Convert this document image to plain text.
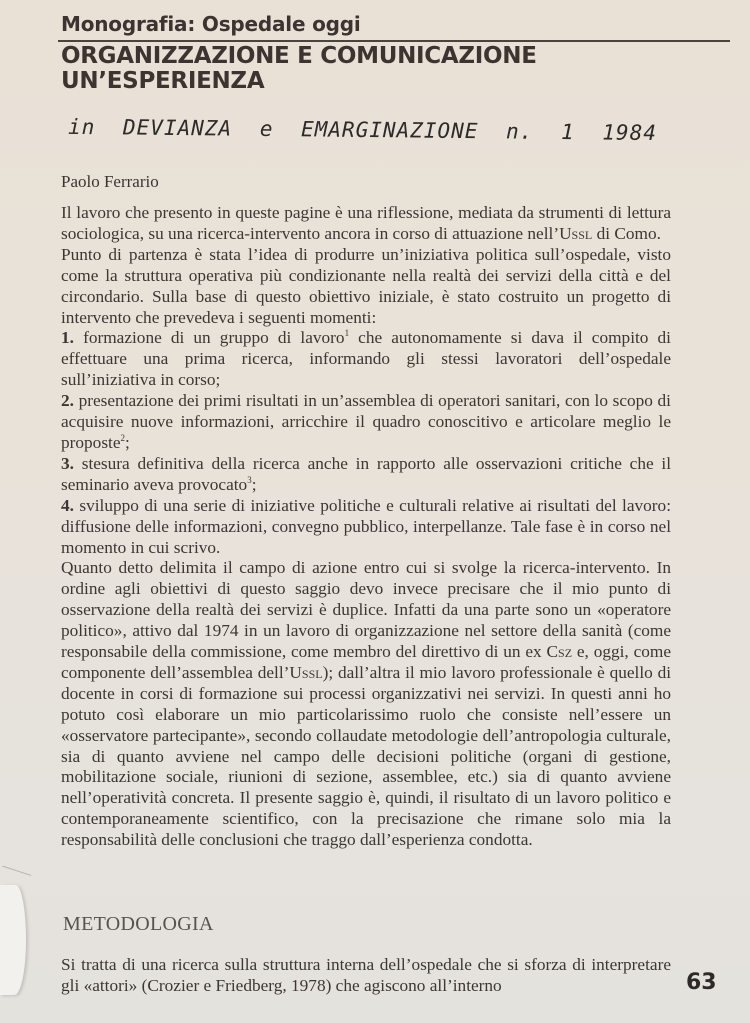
Monografia: Ospedale oggi
ORGANIZZAZIONE E COMUNICAZIONE
UN’ESPERIENZA
in DEVIANZA e EMARGINAZIONE n. 1 1984
Paolo Ferrario

Il lavoro che presento in queste pagine è una riflessione, mediata da strumenti di lettura sociologica, su una ricerca-intervento ancora in corso di attuazione nell’Ussl di Como.

Punto di partenza è stata l’idea di produrre un’iniziativa politica sull’ospedale, visto come la struttura operativa più condizionante nella realtà dei servizi della città e del circondario. Sulla base di questo obiettivo iniziale, è stato costruito un progetto di intervento che prevedeva i seguenti momenti:

1. formazione di un gruppo di lavoro$^1$ che autonomamente si dava il compito di effettuare una prima ricerca, informando gli stessi lavoratori dell’ospedale sull’iniziativa in corso;

2. presentazione dei primi risultati in un’assemblea di operatori sanitari, con lo scopo di acquisire nuove informazioni, arricchire il quadro conoscitivo e articolare meglio le proposte$^2$;

3. stesura definitiva della ricerca anche in rapporto alle osservazioni critiche che il seminario aveva provocato$^3$;

4. sviluppo di una serie di iniziative politiche e culturali relative ai risultati del lavoro: diffusione delle informazioni, convegno pubblico, interpellanze. Tale fase è in corso nel momento in cui scrivo.

Quanto detto delimita il campo di azione entro cui si svolge la ricerca-intervento. In ordine agli obiettivi di questo saggio devo invece precisare che il mio punto di osservazione della realtà dei servizi è duplice. Infatti da una parte sono un «operatore politico», attivo dal 1974 in un lavoro di organizzazione nel settore della sanità (come responsabile della commissione, come membro del direttivo di un ex Csz e, oggi, come componente dell’assemblea dell’Ussl); dall’altra il mio lavoro professionale è quello di docente in corsi di formazione sui processi organizzativi nei servizi. In questi anni ho potuto così elaborare un mio particolarissimo ruolo che consiste nell’essere un «osservatore partecipante», secondo collaudate metodologie dell’antropologia culturale, sia di quanto avviene nel campo delle decisioni politiche (organi di gestione, mobilitazione sociale, riunioni di sezione, assemblee, etc.) sia di quanto avviene nell’operatività concreta. Il presente saggio è, quindi, il risultato di un lavoro politico e contemporaneamente scientifico, con la precisazione che rimane solo mia la responsabilità delle conclusioni che traggo dall’esperienza condotta.

METODOLOGIA

Si tratta di una ricerca sulla struttura interna dell’ospedale che si sforza di interpretare gli «attori» (Crozier e Friedberg, 1978) che agiscono all’interno	63
